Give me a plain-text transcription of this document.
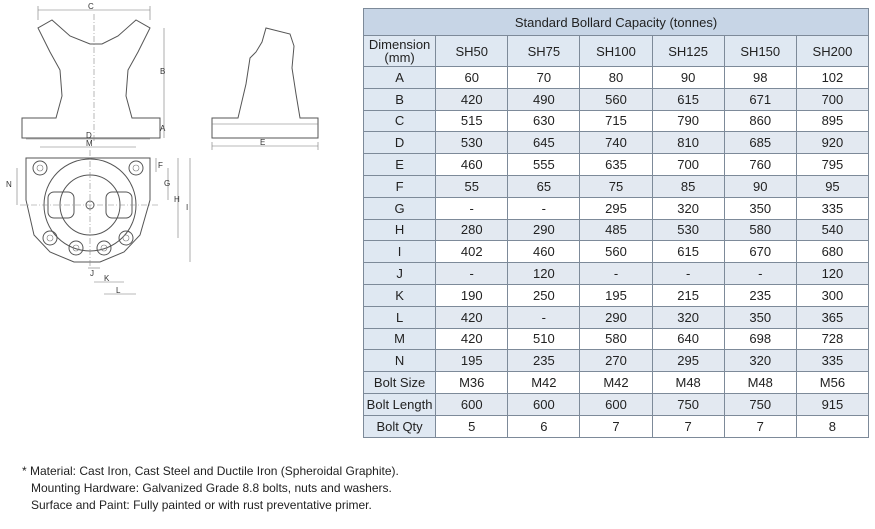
C
B
A
E
D
M
N
F
G
H
I
J
K
L
Standard Bollard Capacity (tonnes)						
Dimension (mm)	SH50	SH75	SH100	SH125	SH150	SH200
A	60	70	80	90	98	102
B	420	490	560	615	671	700
C	515	630	715	790	860	895
D	530	645	740	810	685	920
E	460	555	635	700	760	795
F	55	65	75	85	90	95
G	-	-	295	320	350	335
H	280	290	485	530	580	540
I	402	460	560	615	670	680
J	-	120	-	-	-	120
K	190	250	195	215	235	300
L	420	-	290	320	350	365
M	420	510	580	640	698	728
N	195	235	270	295	320	335
Bolt Size	M36	M42	M42	M48	M48	M56
Bolt Length	600	600	600	750	750	915
Bolt Qty	5	6	7	7	7	8
* Material: Cast Iron, Cast Steel and Ductile Iron (Spheroidal Graphite).
Mounting Hardware: Galvanized Grade 8.8 bolts, nuts and washers.
Surface and Paint: Fully painted or with rust preventative primer.
